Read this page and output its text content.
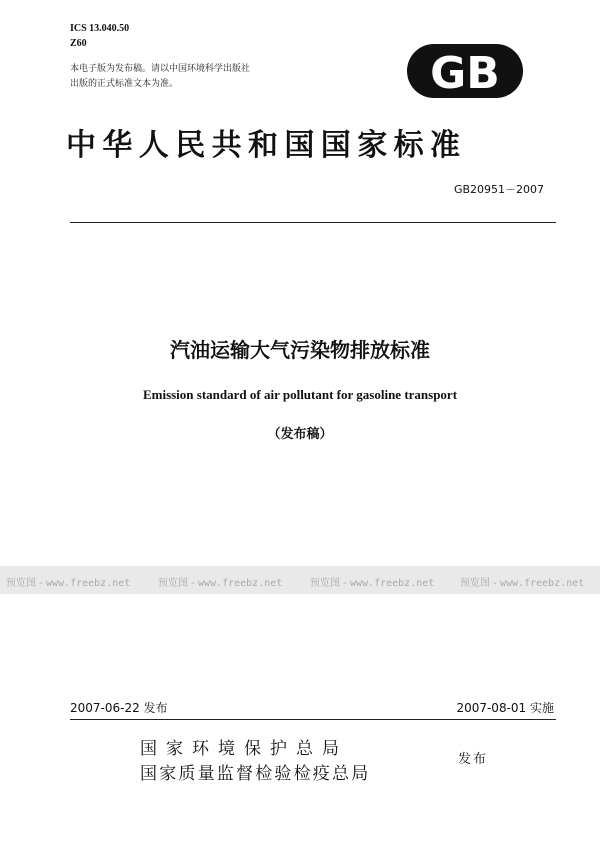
ICS 13.040.50
Z60
本电子版为发布稿。请以中国环境科学出版社
出版的正式标准文本为准。	GB
中华人民共和国国家标准
GB20951－2007
汽油运输大气污染物排放标准
Emission standard of air pollutant for gasoline transport
（发布稿）
预览图 - www.freebz.net	预览图 - www.freebz.net	预览图 - www.freebz.net	预览图 - www.freebz.net
2007-06-22 发布	2007-08-01 实施
国家环境保护总局
国家质量监督检验检疫总局
发布
